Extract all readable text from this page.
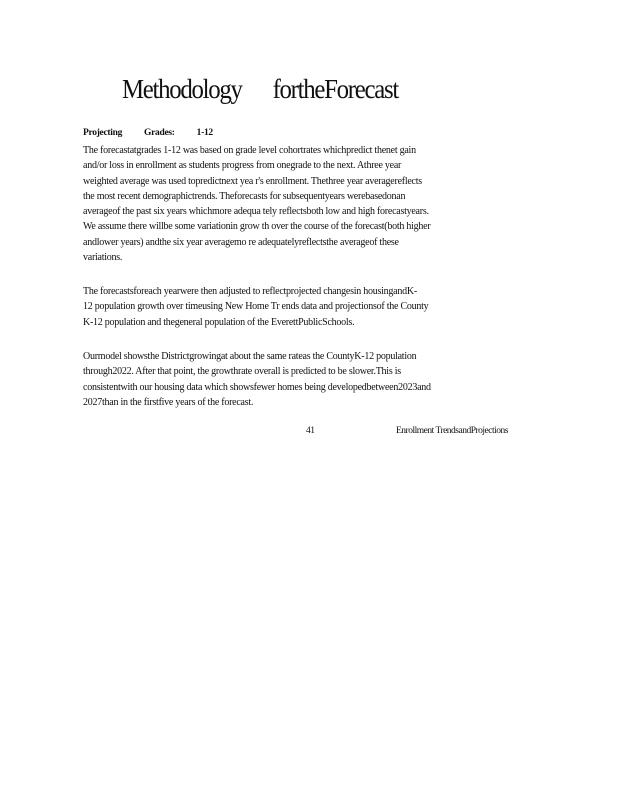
Methodology fortheForecast
Projecting Grades: 1-12
The forecastatgrades 1-12 was based on grade level cohortrates whichpredict thenet gain
and/or loss in enrollment as students progress from onegrade to the next. Athree year
weighted average was used topredictnext yea r's enrollment. Thethree year averagereflects
the most recent demographictrends. Theforecasts for subsequentyears werebasedonan
averageof the past six years whichmore adequa tely reflectsboth low and high forecastyears.
We assume there willbe some variationin grow th over the course of the forecast(both higher
andlower years) andthe six year averagemo re adequatelyreflectsthe averageof these
variations.
The forecastsforeach yearwere then adjusted to reflectprojected changesin housingandK-
12 population growth over timeusing New Home Tr ends data and projectionsof the County
K-12 population and thegeneral population of the EverettPublicSchools.
Ourmodel showsthe Districtgrowingat about the same rateas the CountyK-12 population
through2022. After that point, the growthrate overall is predicted to be slower.This is
consistentwith our housing data which showsfewer homes being developedbetween2023and
2027than in the firstfive years of the forecast.
41	Enrollment TrendsandProjections
